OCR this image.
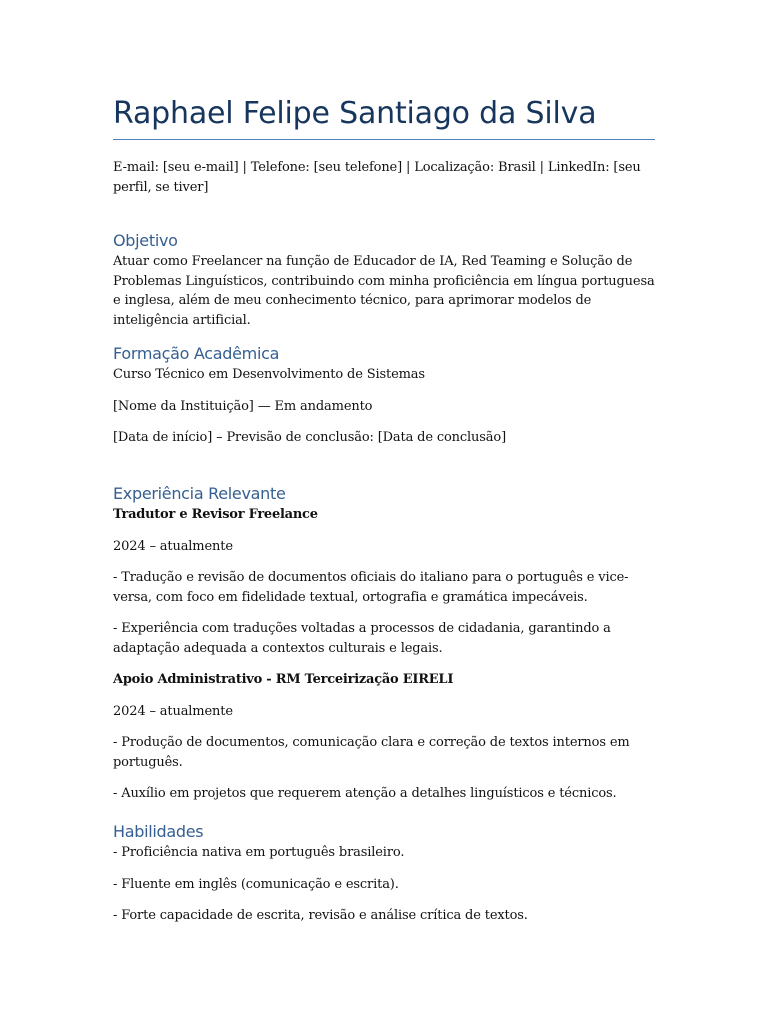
Raphael Felipe Santiago da Silva
E-mail: [seu e-mail] | Telefone: [seu telefone] | Localização: Brasil | LinkedIn: [seu perfil, se tiver]
Objetivo

Atuar como Freelancer na função de Educador de IA, Red Teaming e Solução de Problemas Linguísticos, contribuindo com minha proficiência em língua portuguesa e inglesa, além de meu conhecimento técnico, para aprimorar modelos de inteligência artificial.

Formação Acadêmica

Curso Técnico em Desenvolvimento de Sistemas

[Nome da Instituição] — Em andamento

[Data de início] – Previsão de conclusão: [Data de conclusão]

Experiência Relevante

Tradutor e Revisor Freelance

2024 – atualmente

- Tradução e revisão de documentos oficiais do italiano para o português e vice-versa, com foco em fidelidade textual, ortografia e gramática impecáveis.

- Experiência com traduções voltadas a processos de cidadania, garantindo a adaptação adequada a contextos culturais e legais.

Apoio Administrativo - RM Terceirização EIRELI

2024 – atualmente

- Produção de documentos, comunicação clara e correção de textos internos em português.

- Auxílio em projetos que requerem atenção a detalhes linguísticos e técnicos.

Habilidades

- Proficiência nativa em português brasileiro.

- Fluente em inglês (comunicação e escrita).

- Forte capacidade de escrita, revisão e análise crítica de textos.
